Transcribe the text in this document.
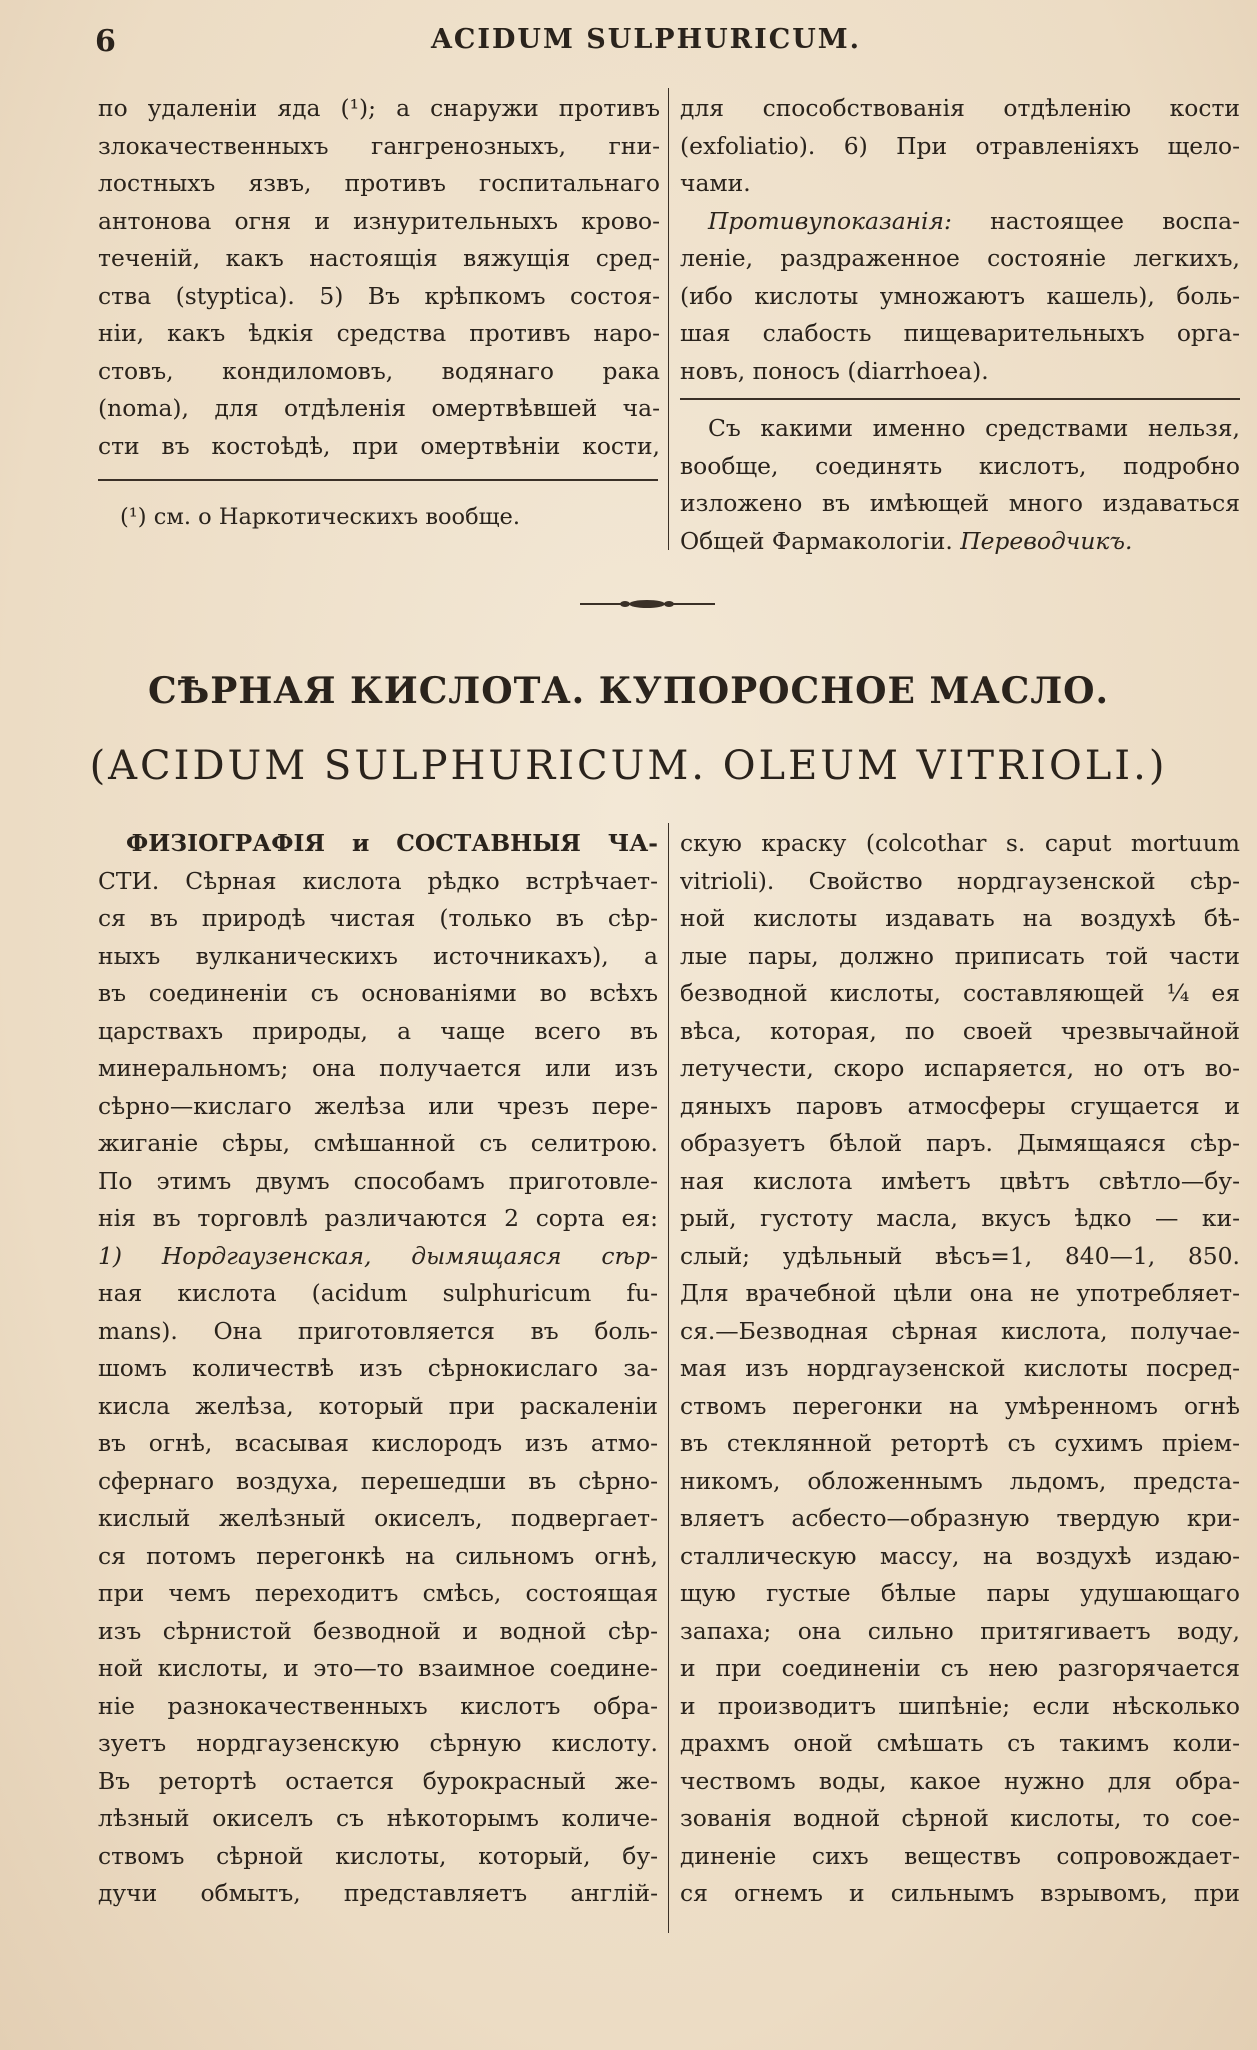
6	ACIDUM SULPHURICUM.
по удаленіи яда (¹); а снаружи противъ
злокачественныхъ гангренозныхъ, гни-
лостныхъ язвъ, противъ госпитальнаго
антонова огня и изнурительныхъ крово-
теченій, какъ настоящія вяжущія сред-
ства (styptica). 5) Въ крѣпкомъ состоя-
ніи, какъ ѣдкія средства противъ наро-
стовъ, кондиломовъ, водянаго рака
(noma), для отдѣленія омертвѣвшей ча-
сти въ костоѣдѣ, при омертвѣніи кости,
(¹) см. о Наркотическихъ вообще.
для способствованія отдѣленію кости
(exfoliatio). 6) При отравленіяхъ щело-
чами.
Противупоказанія: настоящее воспа-
леніе, раздраженное состояніе легкихъ,
(ибо кислоты умножаютъ кашель), боль-
шая слабость пищеварительныхъ орга-
новъ, поносъ (diarrhoea).
Съ какими именно средствами нельзя,
вообще, соединять кислотъ, подробно
изложено въ имѣющей много издаваться
Общей Фармакологіи. Переводчикъ.
СѢРНАЯ КИСЛОТА. КУПОРОСНОЕ МАСЛО.
(ACIDUM SULPHURICUM. OLEUM VITRIOLI.)
ФИЗІОГРАФІЯ и СОСТАВНЫЯ ЧА-
СТИ. Сѣрная кислота рѣдко встрѣчает-
ся въ природѣ чистая (только въ сѣр-
ныхъ вулканическихъ источникахъ), а
въ соединеніи съ основаніями во всѣхъ
царствахъ природы, а чаще всего въ
минеральномъ; она получается или изъ
сѣрно—кислаго желѣза или чрезъ пере-
жиганіе сѣры, смѣшанной съ селитрою.
По этимъ двумъ способамъ приготовле-
нія въ торговлѣ различаются 2 сорта ея:
1) Нордгаузенская, дымящаяся сѣр-
ная кислота (acidum sulphuricum fu-
mans). Она приготовляется въ боль-
шомъ количествѣ изъ сѣрнокислаго за-
кисла желѣза, который при раскаленіи
въ огнѣ, всасывая кислородъ изъ атмо-
сфернаго воздуха, перешедши въ сѣрно-
кислый желѣзный окиселъ, подвергает-
ся потомъ перегонкѣ на сильномъ огнѣ,
при чемъ переходитъ смѣсь, состоящая
изъ сѣрнистой безводной и водной сѣр-
ной кислоты, и это—то взаимное соедине-
ніе разнокачественныхъ кислотъ обра-
зуетъ нордгаузенскую сѣрную кислоту.
Въ ретортѣ остается бурокрасный же-
лѣзный окиселъ съ нѣкоторымъ количе-
ствомъ сѣрной кислоты, который, бу-
дучи обмытъ, представляетъ англій-
скую краску (colcothar s. caput mortuum
vitrioli). Свойство нордгаузенской сѣр-
ной кислоты издавать на воздухѣ бѣ-
лые пары, должно приписать той части
безводной кислоты, составляющей ¼ ея
вѣса, которая, по своей чрезвычайной
летучести, скоро испаряется, но отъ во-
дяныхъ паровъ атмосферы сгущается и
образуетъ бѣлой паръ. Дымящаяся сѣр-
ная кислота имѣетъ цвѣтъ свѣтло—бу-
рый, густоту масла, вкусъ ѣдко — ки-
слый; удѣльный вѣсъ=1, 840—1, 850.
Для врачебной цѣли она не употребляет-
ся.—Безводная сѣрная кислота, получае-
мая изъ нордгаузенской кислоты посред-
ствомъ перегонки на умѣренномъ огнѣ
въ стеклянной ретортѣ съ сухимъ пріем-
никомъ, обложеннымъ льдомъ, предста-
вляетъ асбесто—образную твердую кри-
сталлическую массу, на воздухѣ издаю-
щую густые бѣлые пары удушающаго
запаха; она сильно притягиваетъ воду,
и при соединеніи съ нею разгорячается
и производитъ шипѣніе; если нѣсколько
драхмъ оной смѣшать съ такимъ коли-
чествомъ воды, какое нужно для обра-
зованія водной сѣрной кислоты, то сое-
диненіе сихъ веществъ сопровождает-
ся огнемъ и сильнымъ взрывомъ, при
